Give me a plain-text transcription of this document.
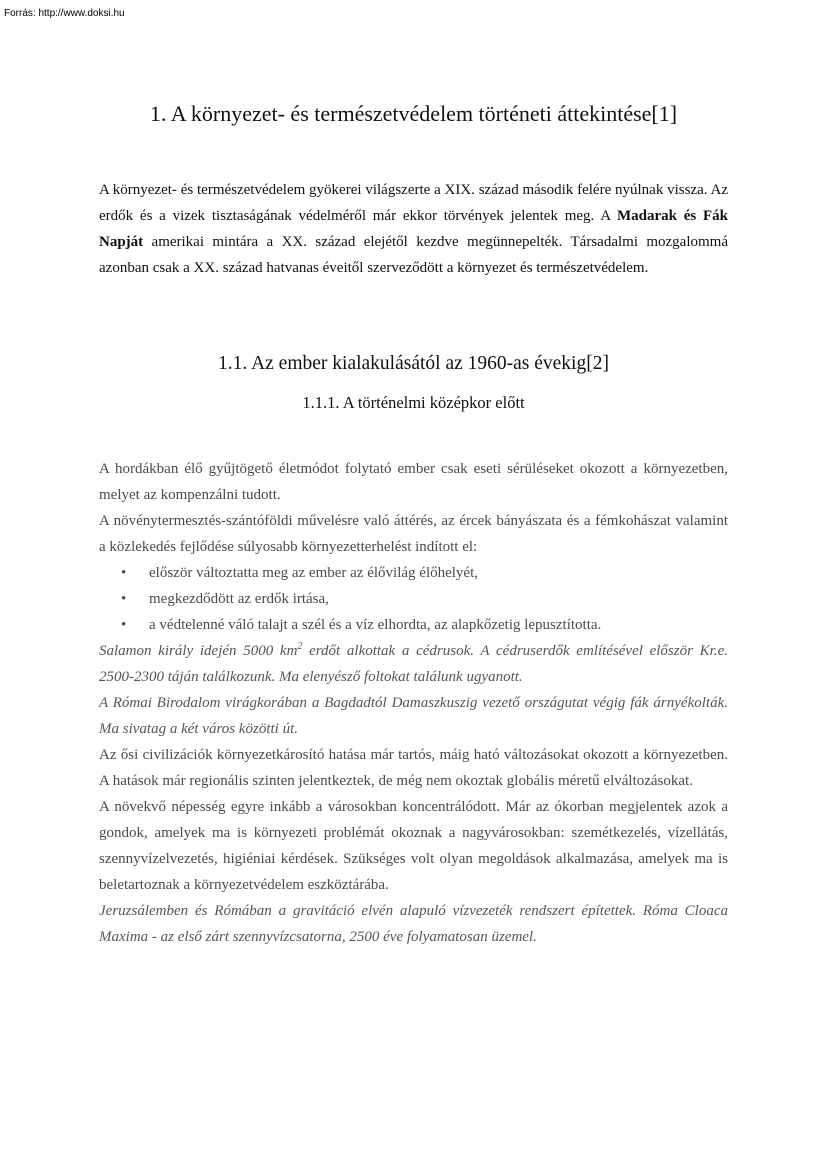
Forrás: http://www.doksi.hu
1. A környezet- és természetvédelem történeti áttekintése[1]

A környezet- és természetvédelem gyökerei világszerte a XIX. század második felére nyúlnak vissza. Az erdők és a vizek tisztaságának védelméről már ekkor törvények jelentek meg. A Madarak és Fák Napját amerikai mintára a XX. század elejétől kezdve megünnepelték. Társadalmi mozgalommá azonban csak a XX. század hatvanas éveitől szerveződött a környezet és természetvédelem.

1.1. Az ember kialakulásától az 1960-as évekig[2]
1.1.1. A történelmi középkor előtt

A hordákban élő gyűjtögető életmódot folytató ember csak eseti sérüléseket okozott a környezetben, melyet az kompenzálni tudott.

A növénytermesztés-szántóföldi művelésre való áttérés, az ércek bányászata és a fémkohászat valamint a közlekedés fejlődése súlyosabb környezetterhelést indított el:

• először változtatta meg az ember az élővilág élőhelyét,
• megkezdődött az erdők irtása,
• a védtelenné váló talajt a szél és a víz elhordta, az alapkőzetig lepusztította.

Salamon király idején 5000 $km^2$ erdőt alkottak a cédrusok. A cédruserdők említésével először Kr.e. 2500-2300 táján találkozunk. Ma elenyésző foltokat találunk ugyanott.

A Római Birodalom virágkorában a Bagdadtól Damaszkuszig vezető országutat végig fák árnyékolták. Ma sivatag a két város közötti út.

Az ősi civilizációk környezetkárosító hatása már tartós, máig ható változásokat okozott a környezetben. A hatások már regionális szinten jelentkeztek, de még nem okoztak globális méretű elváltozásokat.

A növekvő népesség egyre inkább a városokban koncentrálódott. Már az ókorban megjelentek azok a gondok, amelyek ma is környezeti problémát okoznak a nagyvárosokban: szemétkezelés, vízellátás, szennyvízelvezetés, higiéniai kérdések. Szükséges volt olyan megoldások alkalmazása, amelyek ma is beletartoznak a környezetvédelem eszköztárába.

Jeruzsálemben és Rómában a gravitáció elvén alapuló vízvezeték rendszert építettek. Róma Cloaca Maxima - az első zárt szennyvízcsatorna, 2500 éve folyamatosan üzemel.
